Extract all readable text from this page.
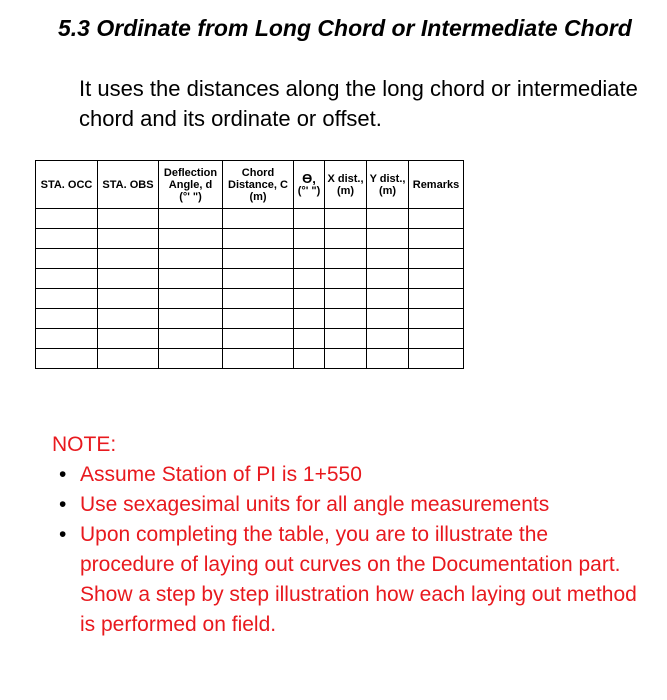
5.3 Ordinate from Long Chord or Intermediate Chord

It uses the distances along the long chord or intermediate chord and its ordinate or offset.

STA. OCC	STA. OBS	Deflection
Angle, d
(°' ")	Chord
Distance, C
(m)	ϴ,
(°' ")	X dist.,
(m)	Y dist.,
(m)	Remarks

NOTE:

• Assume Station of PI is 1+550

• Use sexagesimal units for all angle measurements

• Upon completing the table, you are to illustrate the procedure of laying out curves on the Documentation part. Show a step by step illustration how each laying out method is performed on field.
